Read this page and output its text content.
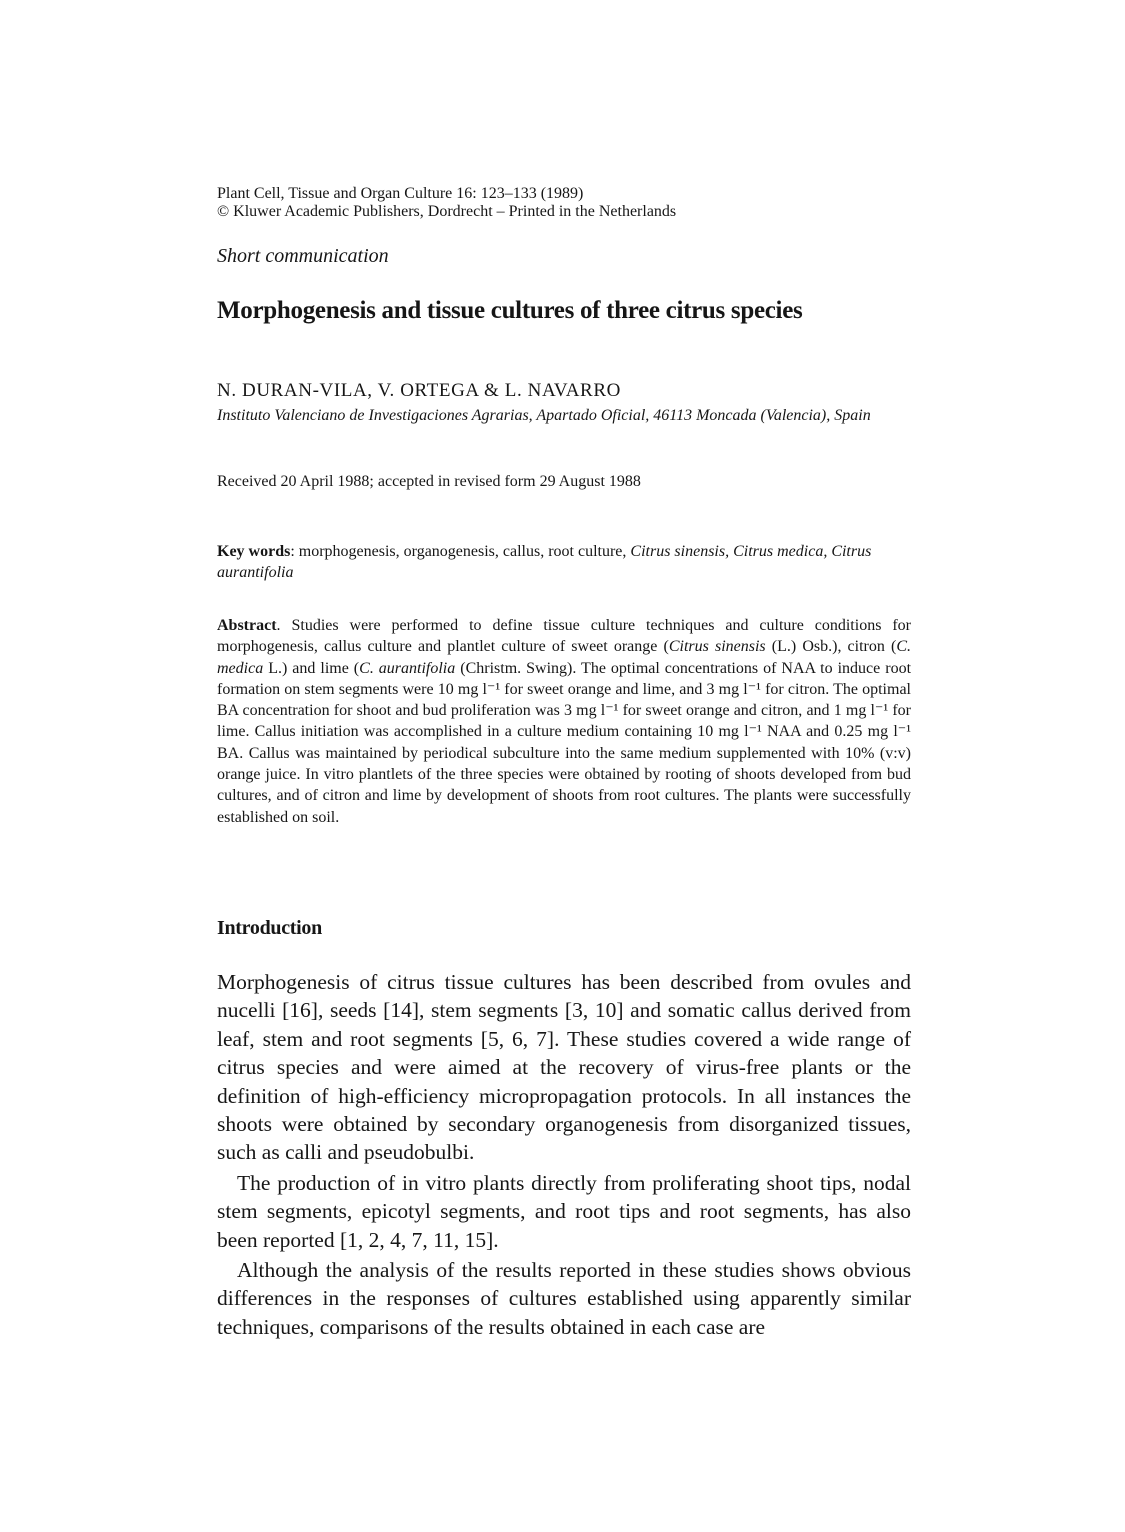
Plant Cell, Tissue and Organ Culture 16: 123–133 (1989)
© Kluwer Academic Publishers, Dordrecht – Printed in the Netherlands
Short communication
Morphogenesis and tissue cultures of three citrus species
N. DURAN-VILA, V. ORTEGA & L. NAVARRO
Instituto Valenciano de Investigaciones Agrarias, Apartado Oficial, 46113 Moncada (Valencia), Spain
Received 20 April 1988; accepted in revised form 29 August 1988
Key words: morphogenesis, organogenesis, callus, root culture, Citrus sinensis, Citrus medica, Citrus aurantifolia
Abstract. Studies were performed to define tissue culture techniques and culture conditions for morphogenesis, callus culture and plantlet culture of sweet orange (Citrus sinensis (L.) Osb.), citron (C. medica L.) and lime (C. aurantifolia (Christm. Swing). The optimal concentrations of NAA to induce root formation on stem segments were 10 mg l⁻¹ for sweet orange and lime, and 3 mg l⁻¹ for citron. The optimal BA concentration for shoot and bud proliferation was 3 mg l⁻¹ for sweet orange and citron, and 1 mg l⁻¹ for lime. Callus initiation was accomplished in a culture medium containing 10 mg l⁻¹ NAA and 0.25 mg l⁻¹ BA. Callus was maintained by periodical subculture into the same medium supplemented with 10% (v:v) orange juice. In vitro plantlets of the three species were obtained by rooting of shoots developed from bud cultures, and of citron and lime by development of shoots from root cultures. The plants were successfully established on soil.
Introduction

Morphogenesis of citrus tissue cultures has been described from ovules and nucelli [16], seeds [14], stem segments [3, 10] and somatic callus derived from leaf, stem and root segments [5, 6, 7]. These studies covered a wide range of citrus species and were aimed at the recovery of virus-free plants or the definition of high-efficiency micropropagation protocols. In all instances the shoots were obtained by secondary organogenesis from disorganized tissues, such as calli and pseudobulbi.

The production of in vitro plants directly from proliferating shoot tips, nodal stem segments, epicotyl segments, and root tips and root segments, has also been reported [1, 2, 4, 7, 11, 15].

Although the analysis of the results reported in these studies shows obvious differences in the responses of cultures established using apparently similar techniques, comparisons of the results obtained in each case are
